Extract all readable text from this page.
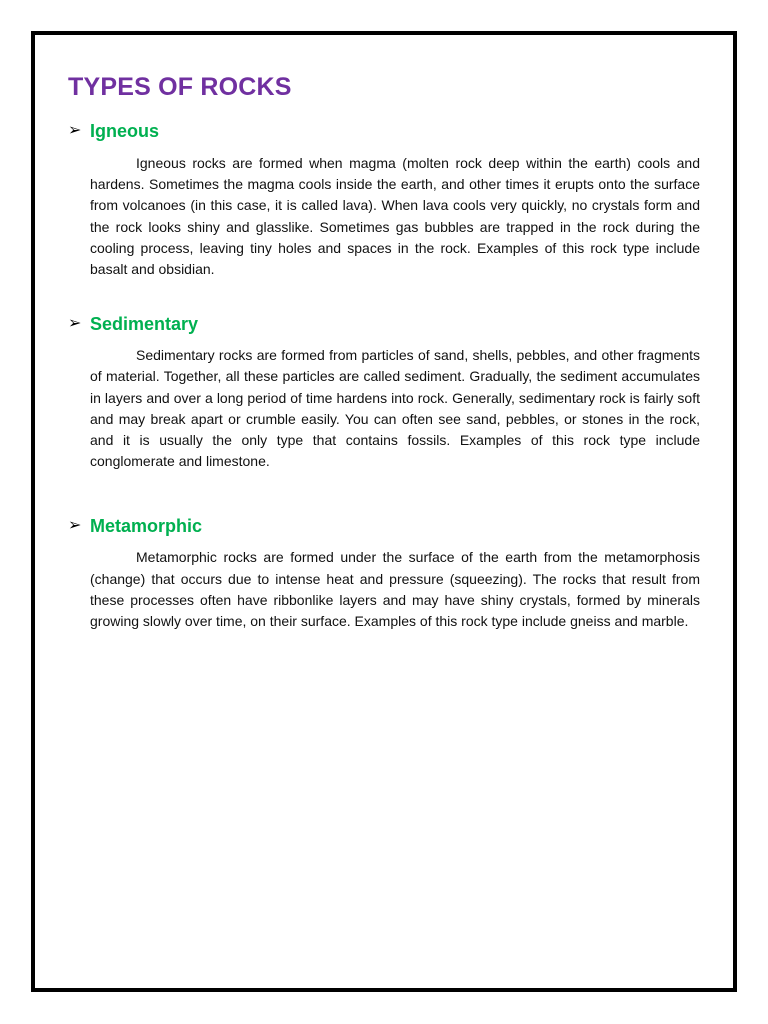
TYPES OF ROCKS
➢ Igneous

Igneous rocks are formed when magma (molten rock deep within the earth) cools and hardens. Sometimes the magma cools inside the earth, and other times it erupts onto the surface from volcanoes (in this case, it is called lava). When lava cools very quickly, no crystals form and the rock looks shiny and glasslike. Sometimes gas bubbles are trapped in the rock during the cooling process, leaving tiny holes and spaces in the rock. Examples of this rock type include basalt and obsidian.

➢ Sedimentary

Sedimentary rocks are formed from particles of sand, shells, pebbles, and other fragments of material. Together, all these particles are called sediment. Gradually, the sediment accumulates in layers and over a long period of time hardens into rock. Generally, sedimentary rock is fairly soft and may break apart or crumble easily. You can often see sand, pebbles, or stones in the rock, and it is usually the only type that contains fossils. Examples of this rock type include conglomerate and limestone.

➢ Metamorphic

Metamorphic rocks are formed under the surface of the earth from the metamorphosis (change) that occurs due to intense heat and pressure (squeezing). The rocks that result from these processes often have ribbonlike layers and may have shiny crystals, formed by minerals growing slowly over time, on their surface. Examples of this rock type include gneiss and marble.
